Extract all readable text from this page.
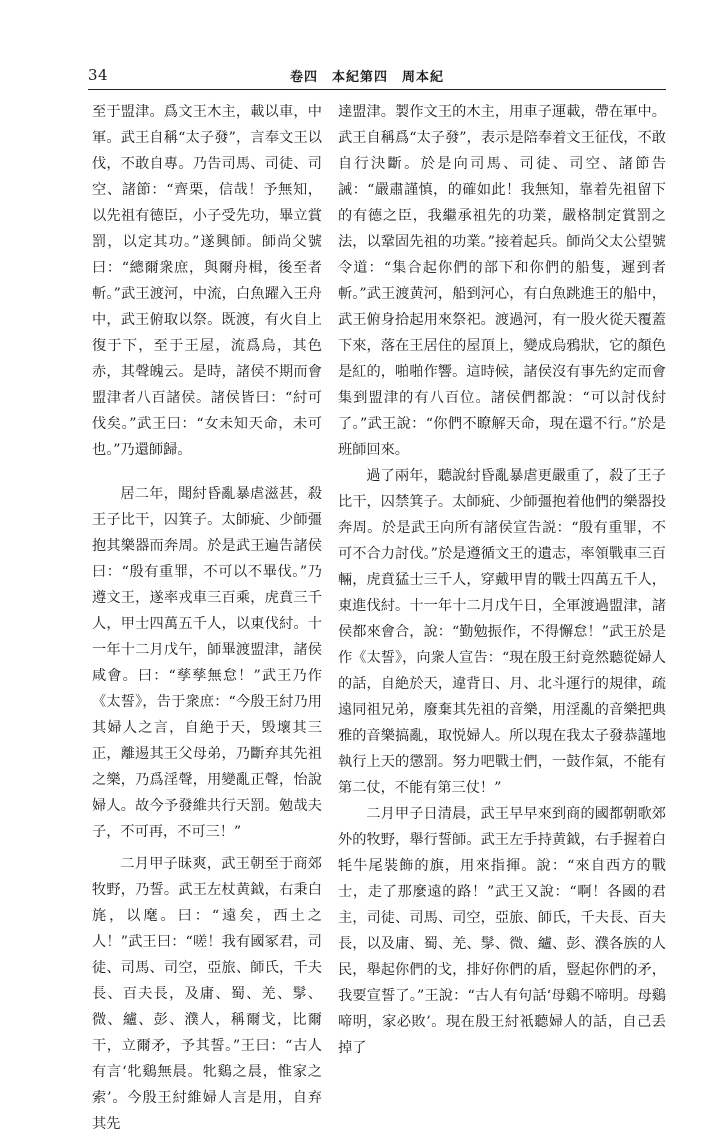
34	卷四　本紀第四　周本紀

至于盟津。爲文王木主，載以車，中軍。武王自稱“太子發”，言奉文王以伐，不敢自專。乃告司馬、司徒、司空、諸節：“齊栗，信哉！予無知，以先祖有德臣，小子受先功，畢立賞罰，以定其功。”遂興師。師尚父號曰：“總爾衆庶，與爾舟楫，後至者斬。”武王渡河，中流，白魚躍入王舟中，武王俯取以祭。既渡，有火自上復于下，至于王屋，流爲烏，其色赤，其聲魄云。是時，諸侯不期而會盟津者八百諸侯。諸侯皆曰：“紂可伐矣。”武王曰：“女未知天命，未可也。”乃還師歸。

居二年，聞紂昏亂暴虐滋甚，殺王子比干，囚箕子。太師疵、少師彊抱其樂器而奔周。於是武王遍告諸侯曰：“殷有重罪，不可以不畢伐。”乃遵文王，遂率戎車三百乘，虎賁三千人，甲士四萬五千人，以東伐紂。十一年十二月戊午，師畢渡盟津，諸侯咸會。曰：“孳孳無怠！”武王乃作《太誓》，告于衆庶：“今殷王紂乃用其婦人之言，自絶于天，毁壞其三正，離逷其王父母弟，乃斷弃其先祖之樂，乃爲淫聲，用變亂正聲，怡說婦人。故今予發維共行天罰。勉哉夫子，不可再，不可三！”

二月甲子昧爽，武王朝至于商郊牧野，乃誓。武王左杖黄鉞，右秉白旄，以麾。曰：“遠矣，西土之人！”武王曰：“嗟！我有國冢君，司徒、司馬、司空，亞旅、師氏，千夫長、百夫長，及庸、蜀、羌、髳、微、纑、彭、濮人，稱爾戈，比爾干，立爾矛，予其誓。”王曰：“古人有言‘牝鷄無晨。牝鷄之晨，惟家之索’。今殷王紂維婦人言是用，自弃其先

達盟津。製作文王的木主，用車子運載，帶在軍中。武王自稱爲“太子發”，表示是陪奉着文王征伐，不敢自行決斷。於是向司馬、司徒、司空、諸節告誡：“嚴肅謹慎，的確如此！我無知，靠着先祖留下的有德之臣，我繼承祖先的功業，嚴格制定賞罰之法，以鞏固先祖的功業。”接着起兵。師尚父太公望號令道：“集合起你們的部下和你們的船隻，遲到者斬。”武王渡黄河，船到河心，有白魚跳進王的船中，武王俯身拾起用來祭祀。渡過河，有一股火從天覆蓋下來，落在王居住的屋頂上，變成烏鴉狀，它的顏色是紅的，啪啪作響。這時候，諸侯沒有事先約定而會集到盟津的有八百位。諸侯們都說：“可以討伐紂了。”武王說：“你們不瞭解天命，現在還不行。”於是班師回來。

過了兩年，聽說紂昏亂暴虐更嚴重了，殺了王子比干，囚禁箕子。太師疵、少師彊抱着他們的樂器投奔周。於是武王向所有諸侯宣告説：“殷有重罪，不可不合力討伐。”於是遵循文王的遺志，率領戰車三百輛，虎賁猛士三千人，穿戴甲胄的戰士四萬五千人，東進伐紂。十一年十二月戊午日，全軍渡過盟津，諸侯都來會合，說：“勤勉振作，不得懈怠！”武王於是作《太誓》，向衆人宣告：“現在殷王紂竟然聽從婦人的話，自絶於天，違背日、月、北斗運行的規律，疏遠同祖兄弟，廢棄其先祖的音樂，用淫亂的音樂把典雅的音樂搞亂，取悦婦人。所以現在我太子發恭謹地執行上天的懲罰。努力吧戰士們，一鼓作氣，不能有第二仗，不能有第三仗！”

二月甲子日清晨，武王早早來到商的國都朝歌郊外的牧野，舉行誓師。武王左手持黄鉞，右手握着白牦牛尾裝飾的旗，用來指揮。說：“來自西方的戰士，走了那麼遠的路！”武王又說：“啊！各國的君主，司徒、司馬、司空，亞旅、師氏，千夫長、百夫長，以及庸、蜀、羌、髳、微、纑、彭、濮各族的人民，舉起你們的戈，排好你們的盾，豎起你們的矛，我要宣誓了。”王說：“古人有句話‘母鷄不啼明。母鷄啼明，家必敗’。現在殷王紂衹聽婦人的話，自己丢掉了
